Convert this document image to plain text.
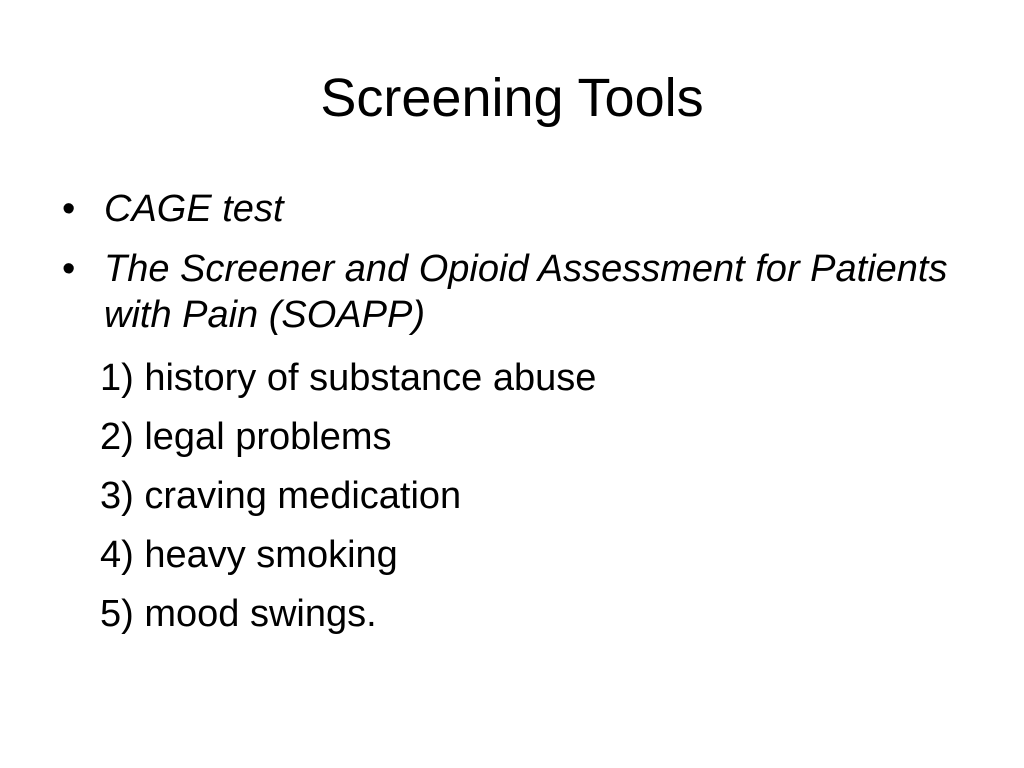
Screening Tools
• CAGE test
• The Screener and Opioid Assessment for Patients with Pain (SOAPP)
1) history of substance abuse
2) legal problems
3) craving medication
4) heavy smoking
5) mood swings.
